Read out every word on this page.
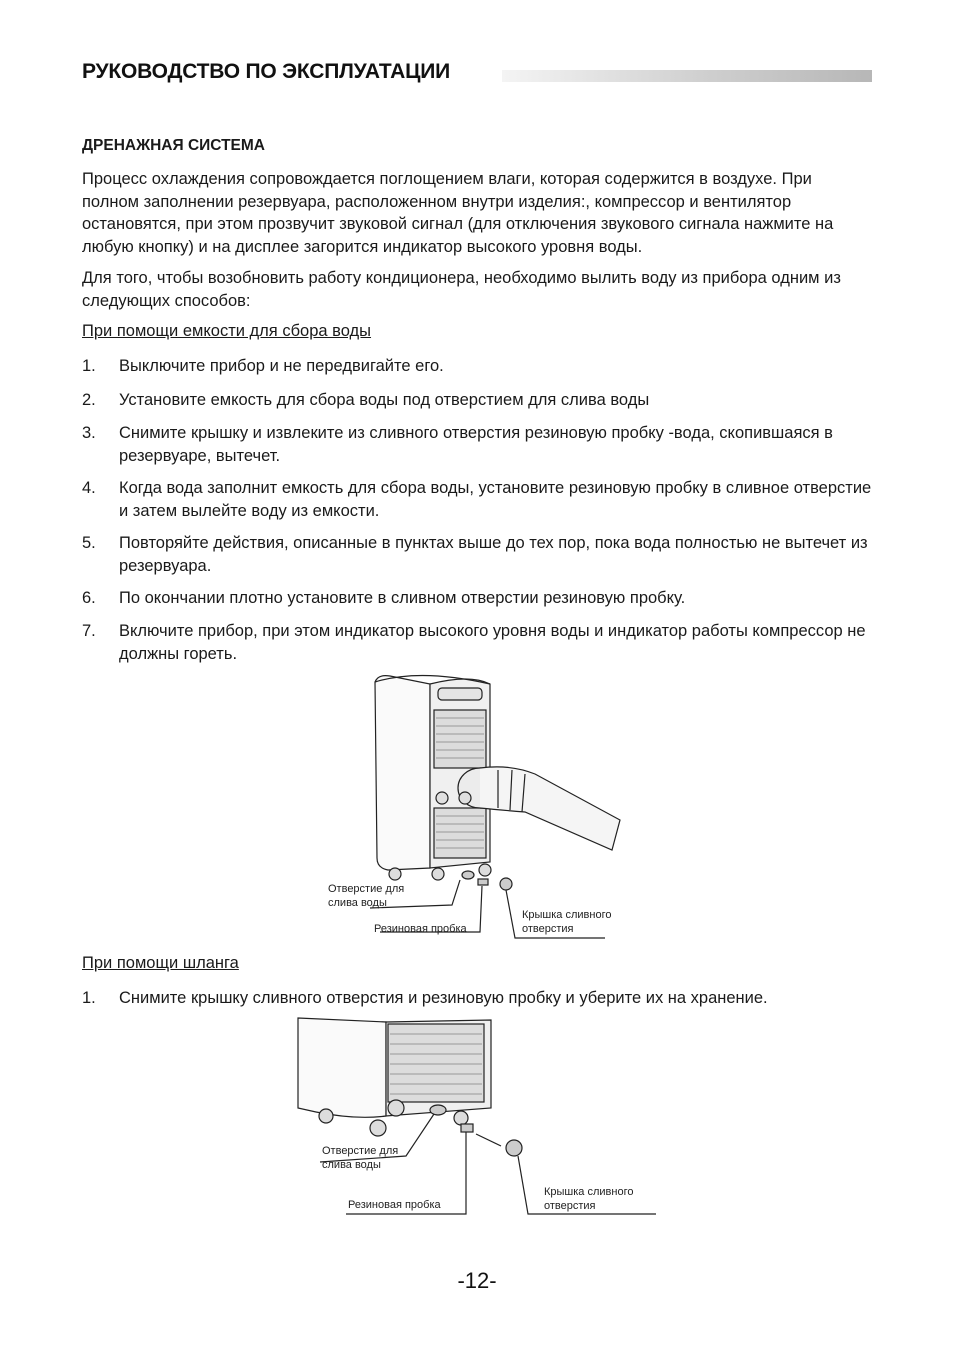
РУКОВОДСТВО ПО ЭКСПЛУАТАЦИИ
ДРЕНАЖНАЯ СИСТЕМА
Процесс охлаждения сопровождается поглощением влаги, которая содержится в воздухе. При полном заполнении резервуара, расположенном внутри изделия:, компрессор и вентилятор остановятся, при этом прозвучит звуковой сигнал (для отключения звукового сигнала нажмите на любую кнопку) и на дисплее загорится индикатор высокого уровня воды.
Для того, чтобы возобновить работу кондиционера, необходимо вылить воду из прибора одним из следующих способов:
При помощи емкости для сбора воды
1. Выключите прибор и не передвигайте его.
2. Установите емкость для сбора воды под отверстием для слива воды
3. Снимите крышку и извлеките из сливного отверстия резиновую пробку -вода, скопившаяся в резервуаре, вытечет.
4. Когда вода заполнит емкость для сбора воды, установите резиновую пробку в сливное отверстие и затем вылейте воду из емкости.
5. Повторяйте действия, описанные в пунктах выше до тех пор, пока вода полностью не вытечет из резервуара.
6. По окончании плотно установите в сливном отверстии резиновую пробку.
7. Включите прибор, при этом индикатор высокого уровня воды и индикатор работы компрессор не должны гореть.
Отверстие для
слива воды
Резиновая пробка
Крышка сливного
отверстия
При помощи шланга
1. Снимите крышку сливного отверстия и резиновую пробку и уберите их на хранение.
Отверстие для
слива воды
Резиновая пробка
Крышка сливного
отверстия
-12-
